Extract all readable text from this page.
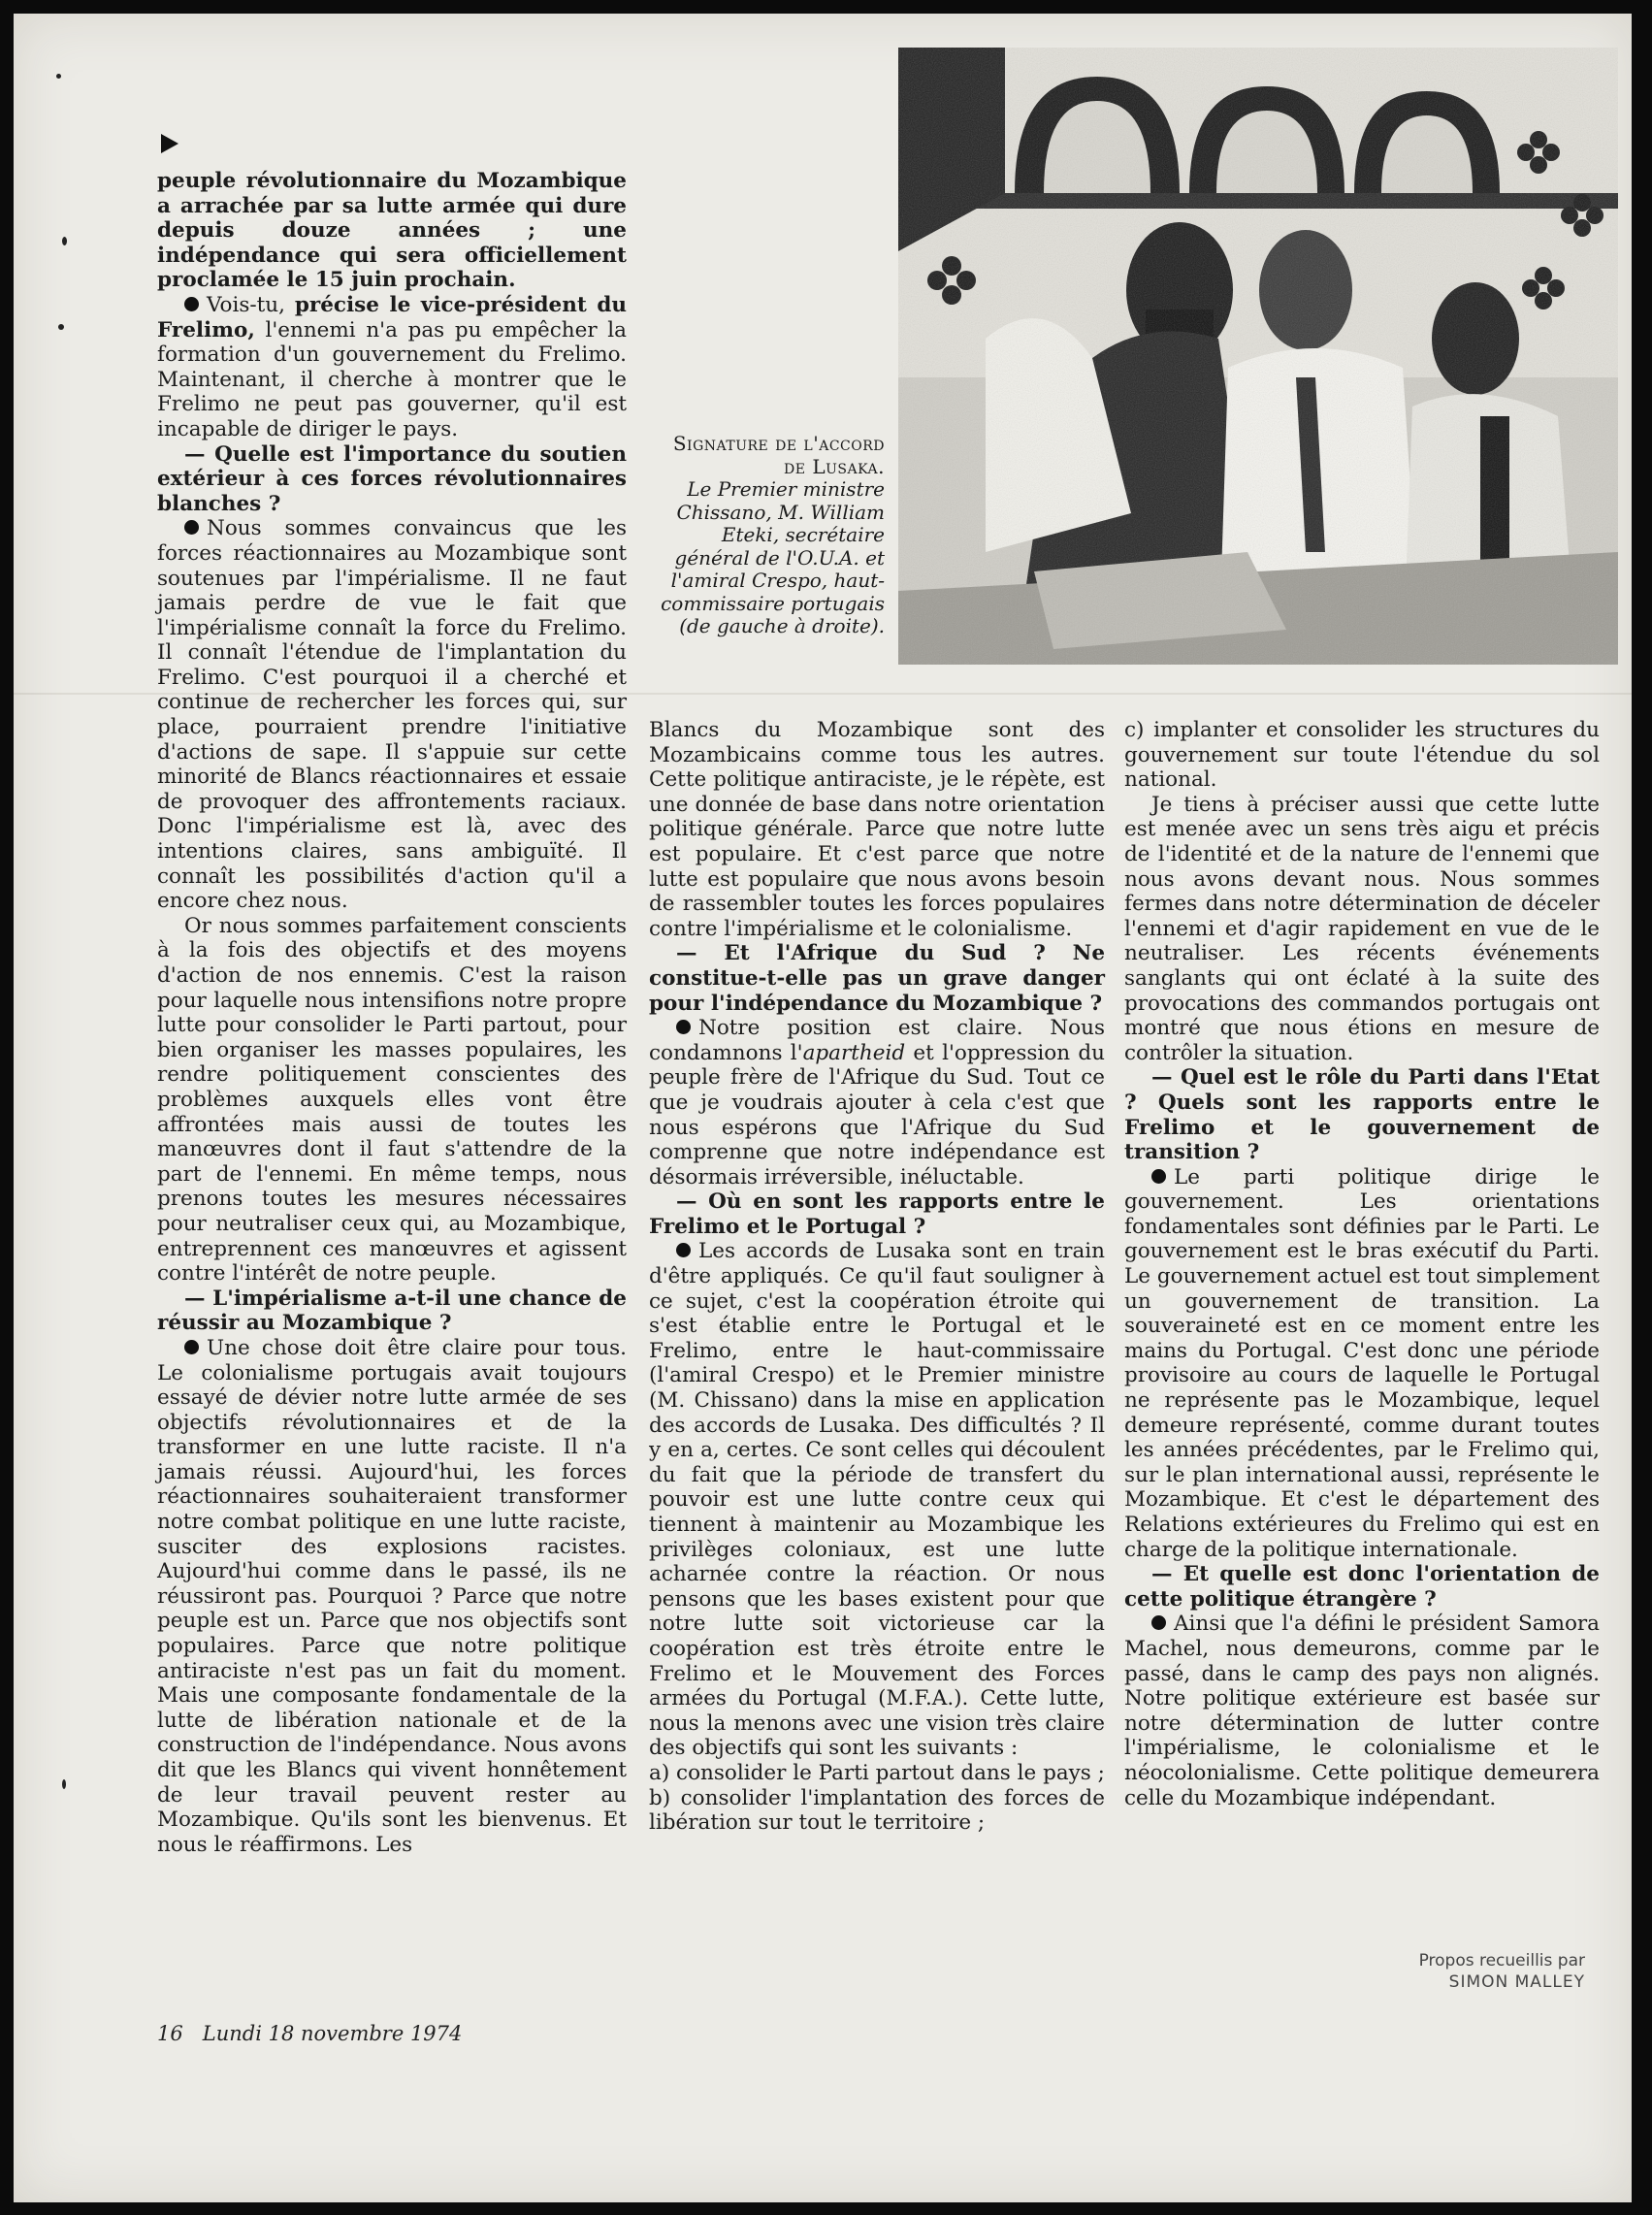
Signature de l'accord de Lusaka.
Le Premier ministre Chissano, M. William Eteki, secrétaire général de l'O.U.A. et l'amiral Crespo, haut-commissaire portugais (de gauche à droite).

peuple révolutionnaire du Mozambique a arrachée par sa lutte armée qui dure depuis douze années ; une indépendance qui sera officiellement proclamée le 15 juin prochain.

Vois-tu, précise le vice-président du Frelimo, l'ennemi n'a pas pu empêcher la formation d'un gouvernement du Frelimo. Maintenant, il cherche à montrer que le Frelimo ne peut pas gouverner, qu'il est incapable de diriger le pays.

— Quelle est l'importance du soutien extérieur à ces forces révolutionnaires blanches ?

Nous sommes convaincus que les forces réactionnaires au Mozambique sont soutenues par l'impérialisme. Il ne faut jamais perdre de vue le fait que l'impérialisme connaît la force du Frelimo. Il connaît l'étendue de l'implantation du Frelimo. C'est pourquoi il a cherché et continue de rechercher les forces qui, sur place, pourraient prendre l'initiative d'actions de sape. Il s'appuie sur cette minorité de Blancs réactionnaires et essaie de provoquer des affrontements raciaux. Donc l'impérialisme est là, avec des intentions claires, sans ambiguïté. Il connaît les possibilités d'action qu'il a encore chez nous.

Or nous sommes parfaitement conscients à la fois des objectifs et des moyens d'action de nos ennemis. C'est la raison pour laquelle nous intensifions notre propre lutte pour consolider le Parti partout, pour bien organiser les masses populaires, les rendre politiquement conscientes des problèmes auxquels elles vont être affrontées mais aussi de toutes les manœuvres dont il faut s'attendre de la part de l'ennemi. En même temps, nous prenons toutes les mesures nécessaires pour neutraliser ceux qui, au Mozambique, entreprennent ces manœuvres et agissent contre l'intérêt de notre peuple.

— L'impérialisme a-t-il une chance de réussir au Mozambique ?

Une chose doit être claire pour tous. Le colonialisme portugais avait toujours essayé de dévier notre lutte armée de ses objectifs révolutionnaires et de la transformer en une lutte raciste. Il n'a jamais réussi. Aujourd'hui, les forces réactionnaires souhaiteraient transformer notre combat politique en une lutte raciste, susciter des explosions racistes. Aujourd'hui comme dans le passé, ils ne réussiront pas. Pourquoi ? Parce que notre peuple est un. Parce que nos objectifs sont populaires. Parce que notre politique antiraciste n'est pas un fait du moment. Mais une composante fondamentale de la lutte de libération nationale et de la construction de l'indépendance. Nous avons dit que les Blancs qui vivent honnêtement de leur travail peuvent rester au Mozambique. Qu'ils sont les bienvenus. Et nous le réaffirmons. Les

Blancs du Mozambique sont des Mozambicains comme tous les autres. Cette politique antiraciste, je le répète, est une donnée de base dans notre orientation politique générale. Parce que notre lutte est populaire. Et c'est parce que notre lutte est populaire que nous avons besoin de rassembler toutes les forces populaires contre l'impérialisme et le colonialisme.

— Et l'Afrique du Sud ? Ne constitue-t-elle pas un grave danger pour l'indépendance du Mozambique ?

Notre position est claire. Nous condamnons l'apartheid et l'oppression du peuple frère de l'Afrique du Sud. Tout ce que je voudrais ajouter à cela c'est que nous espérons que l'Afrique du Sud comprenne que notre indépendance est désormais irréversible, inéluctable.

— Où en sont les rapports entre le Frelimo et le Portugal ?

Les accords de Lusaka sont en train d'être appliqués. Ce qu'il faut souligner à ce sujet, c'est la coopération étroite qui s'est établie entre le Portugal et le Frelimo, entre le haut-commissaire (l'amiral Crespo) et le Premier ministre (M. Chissano) dans la mise en application des accords de Lusaka. Des difficultés ? Il y en a, certes. Ce sont celles qui découlent du fait que la période de transfert du pouvoir est une lutte contre ceux qui tiennent à maintenir au Mozambique les privilèges coloniaux, est une lutte acharnée contre la réaction. Or nous pensons que les bases existent pour que notre lutte soit victorieuse car la coopération est très étroite entre le Frelimo et le Mouvement des Forces armées du Portugal (M.F.A.). Cette lutte, nous la menons avec une vision très claire des objectifs qui sont les suivants :

a) consolider le Parti partout dans le pays ;

b) consolider l'implantation des forces de libération sur tout le territoire ;

c) implanter et consolider les structures du gouvernement sur toute l'étendue du sol national.

Je tiens à préciser aussi que cette lutte est menée avec un sens très aigu et précis de l'identité et de la nature de l'ennemi que nous avons devant nous. Nous sommes fermes dans notre détermination de déceler l'ennemi et d'agir rapidement en vue de le neutraliser. Les récents événements sanglants qui ont éclaté à la suite des provocations des commandos portugais ont montré que nous étions en mesure de contrôler la situation.

— Quel est le rôle du Parti dans l'Etat ? Quels sont les rapports entre le Frelimo et le gouvernement de transition ?

Le parti politique dirige le gouvernement. Les orientations fondamentales sont définies par le Parti. Le gouvernement est le bras exécutif du Parti. Le gouvernement actuel est tout simplement un gouvernement de transition. La souveraineté est en ce moment entre les mains du Portugal. C'est donc une période provisoire au cours de laquelle le Portugal ne représente pas le Mozambique, lequel demeure représenté, comme durant toutes les années précédentes, par le Frelimo qui, sur le plan international aussi, représente le Mozambique. Et c'est le département des Relations extérieures du Frelimo qui est en charge de la politique internationale.

— Et quelle est donc l'orientation de cette politique étrangère ?

Ainsi que l'a défini le président Samora Machel, nous demeurons, comme par le passé, dans le camp des pays non alignés. Notre politique extérieure est basée sur notre détermination de lutter contre l'impérialisme, le colonialisme et le néocolonialisme. Cette politique demeurera celle du Mozambique indépendant.

Propos recueillis par
SIMON MALLEY
16 Lundi 18 novembre 1974
